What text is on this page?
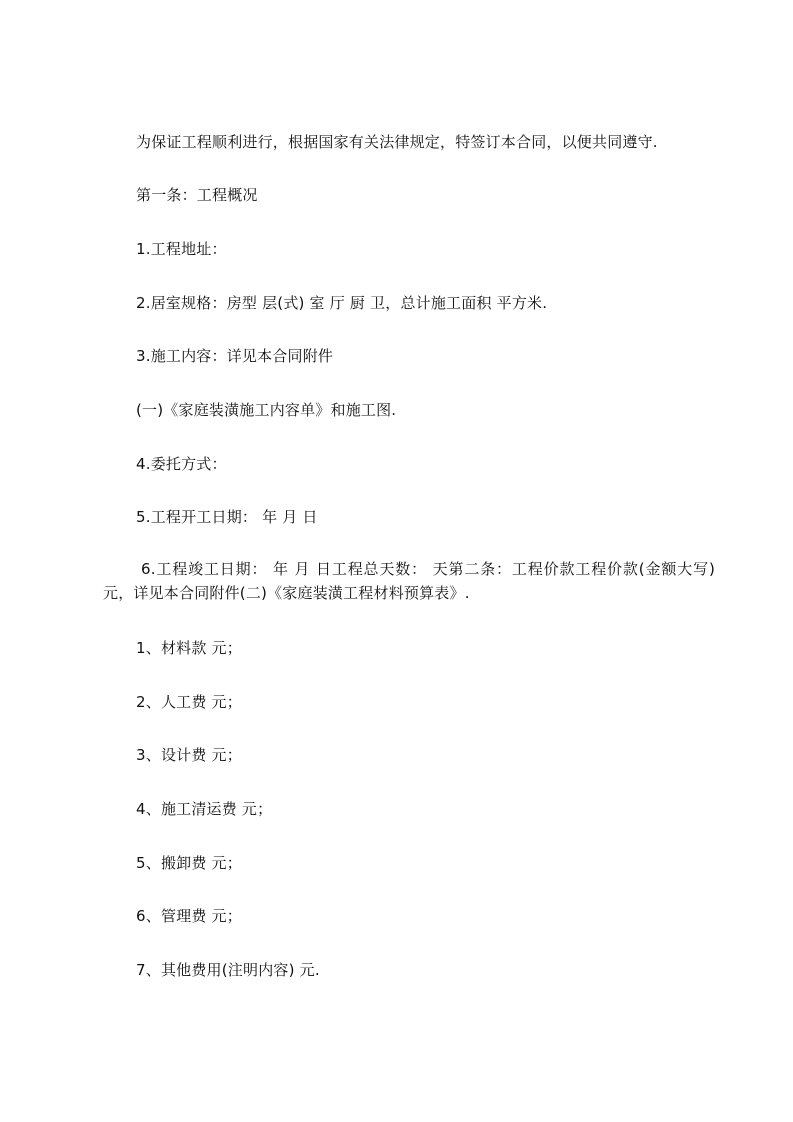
为保证工程顺利进行，根据国家有关法律规定，特签订本合同，以便共同遵守.
第一条：工程概况
1.工程地址：
2.居室规格：房型 层(式) 室 厅 厨 卫，总计施工面积 平方米.
3.施工内容：详见本合同附件
(一)《家庭装潢施工内容单》和施工图.
4.委托方式：
5.工程开工日期： 年 月 日
6.工程竣工日期： 年 月 日工程总天数： 天第二条：工程价款工程价款(金额大写) 元，详见本合同附件(二)《家庭装潢工程材料预算表》.
1、材料款 元；
2、人工费 元；
3、设计费 元；
4、施工清运费 元；
5、搬卸费 元；
6、管理费 元；
7、其他费用(注明内容) 元.
